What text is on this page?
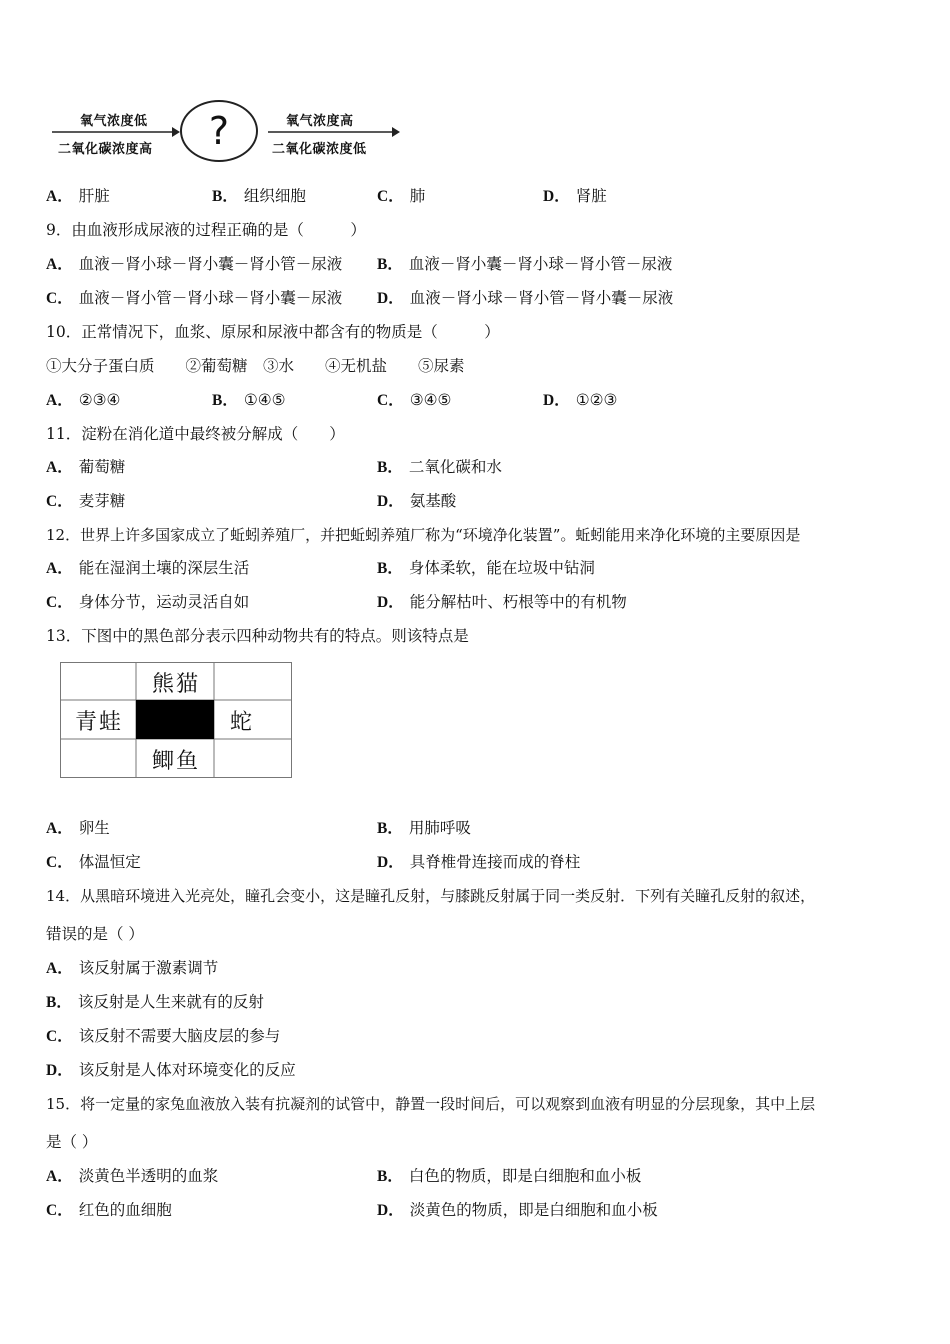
氧气浓度低
二氧化碳浓度高	?	氧气浓度高
二氧化碳浓度低
A． 肝脏	B． 组织细胞	C． 肺	D． 肾脏
9．由血液形成尿液的过程正确的是（　　　）
A． 血液－肾小球－肾小囊－肾小管－尿液 B． 血液－肾小囊－肾小球－肾小管－尿液
C． 血液－肾小管－肾小球－肾小囊－尿液 D． 血液－肾小球－肾小管－肾小囊－尿液
10．正常情况下，血浆、原尿和尿液中都含有的物质是（　　　）
①大分子蛋白质　　②葡萄糖　③水　　④无机盐　　⑤尿素
A． ②③④	B． ①④⑤	C． ③④⑤	D． ①②③
11．淀粉在消化道中最终被分解成（　　）
A． 葡萄糖	B． 二氧化碳和水
C． 麦芽糖	D． 氨基酸
12．世界上许多国家成立了蚯蚓养殖厂，并把蚯蚓养殖厂称为“环境净化装置”。蚯蚓能用来净化环境的主要原因是
A． 能在湿润土壤的深层生活	B． 身体柔软，能在垃圾中钻洞
C． 身体分节，运动灵活自如	D． 能分解枯叶、朽根等中的有机物
13．下图中的黑色部分表示四种动物共有的特点。则该特点是
熊猫
青蛙	蛇
鲫鱼
A． 卵生	B． 用肺呼吸
C． 体温恒定	D． 具脊椎骨连接而成的脊柱
14．从黑暗环境进入光亮处，瞳孔会变小，这是瞳孔反射，与膝跳反射属于同一类反射．下列有关瞳孔反射的叙述，
错误的是（ ）
A． 该反射属于激素调节
B． 该反射是人生来就有的反射
C． 该反射不需要大脑皮层的参与
D． 该反射是人体对环境变化的反应
15．将一定量的家兔血液放入装有抗凝剂的试管中，静置一段时间后，可以观察到血液有明显的分层现象，其中上层
是（ ）
A． 淡黄色半透明的血浆	B． 白色的物质，即是白细胞和血小板
C． 红色的血细胞	D． 淡黄色的物质，即是白细胞和血小板
